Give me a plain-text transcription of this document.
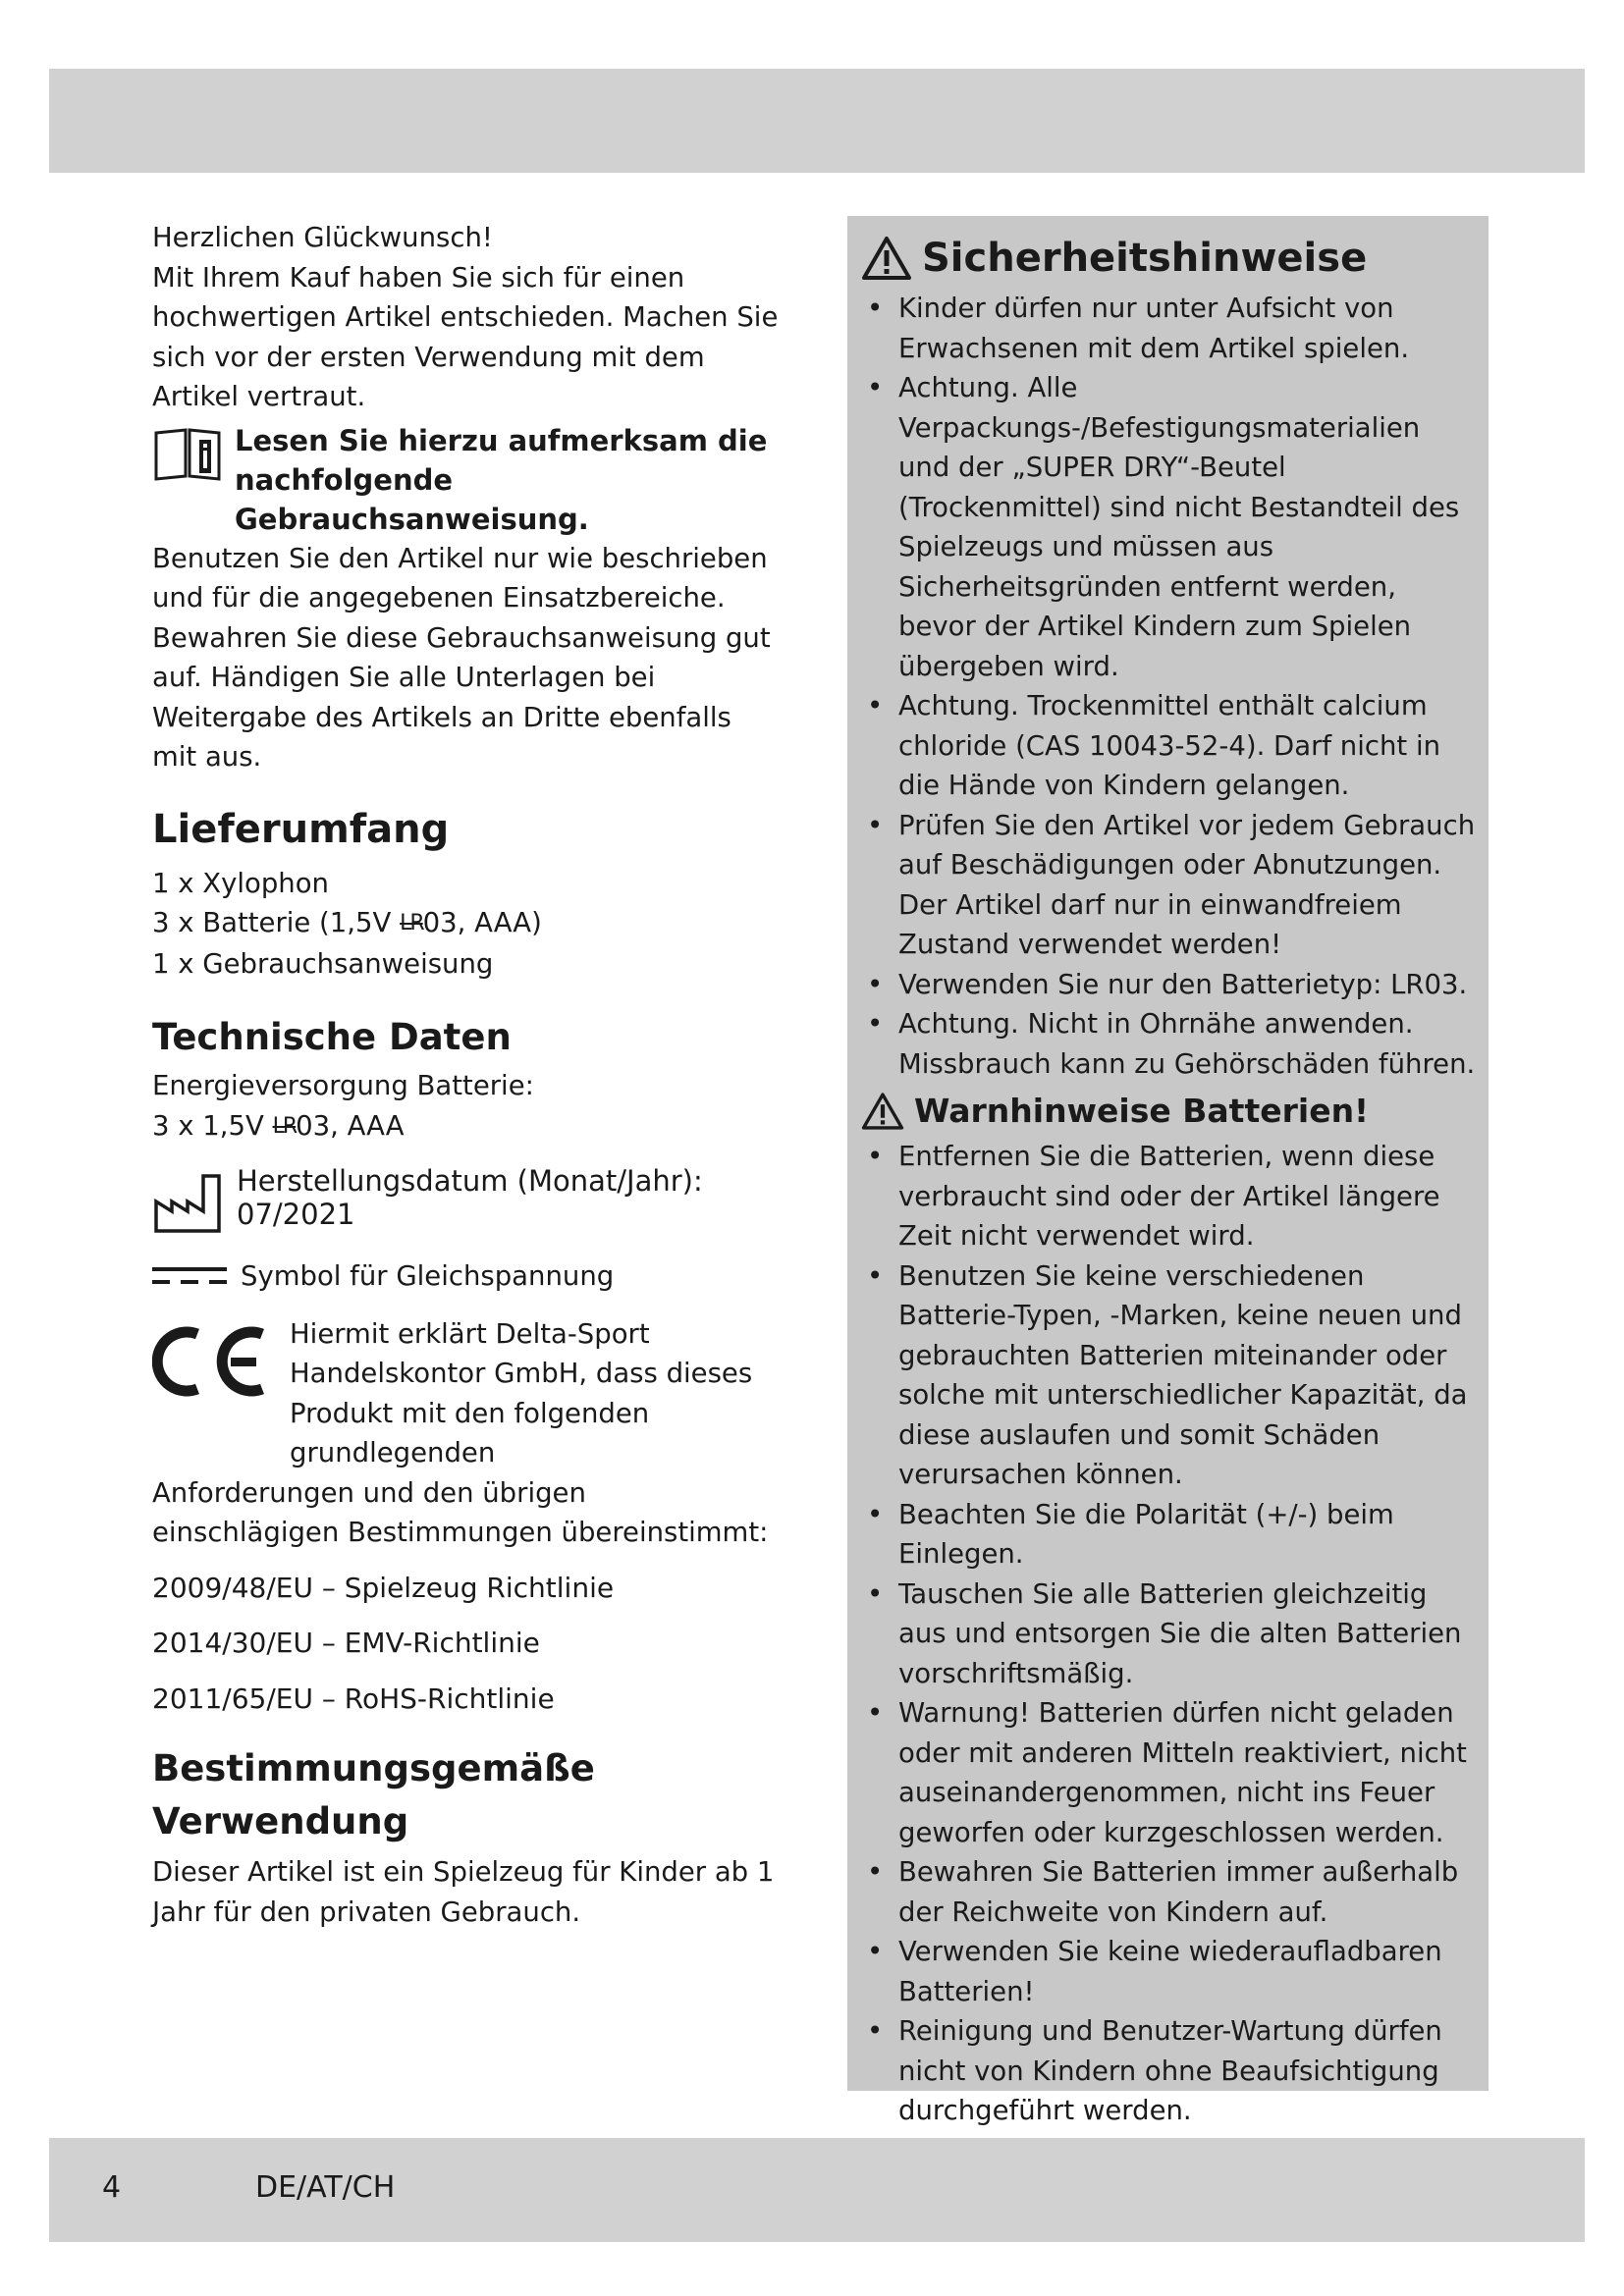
Herzlichen Glückwunsch!

Mit Ihrem Kauf haben Sie sich für einen hochwertigen Artikel entschieden. Machen Sie sich vor der ersten Verwendung mit dem Artikel vertraut.

Lesen Sie hierzu aufmerksam die nachfolgende Gebrauchsanweisung.

Benutzen Sie den Artikel nur wie beschrieben und für die angegebenen Einsatzbereiche. Bewahren Sie diese Gebrauchsanweisung gut auf. Händigen Sie alle Unterlagen bei Weitergabe des Artikels an Dritte ebenfalls mit aus.

Lieferumfang

1 x Xylophon

3 x Batterie (1,5V LR03, AAA)

1 x Gebrauchsanweisung

Technische Daten

Energieversorgung Batterie:

3 x 1,5V LR03, AAA

Herstellungsdatum (Monat/Jahr):
07/2021
Symbol für Gleichspannung
Hiermit erklärt Delta-Sport Handelskontor GmbH, dass dieses Produkt mit den folgenden grundlegenden

Anforderungen und den übrigen einschlägigen Bestimmungen übereinstimmt:

2009/48/EU – Spielzeug Richtlinie

2014/30/EU – EMV-Richtlinie

2011/65/EU – RoHS-Richtlinie

Bestimmungsgemäße
Verwendung

Dieser Artikel ist ein Spielzeug für Kinder ab 1 Jahr für den privaten Gebrauch.

Sicherheitshinweise
• Kinder dürfen nur unter Aufsicht von Erwachsenen mit dem Artikel spielen.
• Achtung. Alle Verpackungs-/Befestigungsmaterialien und der „SUPER DRY“-Beutel (Trockenmittel) sind nicht Bestandteil des Spielzeugs und müssen aus Sicherheitsgründen entfernt werden, bevor der Artikel Kindern zum Spielen übergeben wird.
• Achtung. Trockenmittel enthält calcium chloride (CAS 10043-52-4). Darf nicht in die Hände von Kindern gelangen.
• Prüfen Sie den Artikel vor jedem Gebrauch auf Beschädigungen oder Abnutzungen. Der Artikel darf nur in einwandfreiem Zustand verwendet werden!
• Verwenden Sie nur den Batterietyp: LR03.
• Achtung. Nicht in Ohrnähe anwenden. Missbrauch kann zu Gehörschäden führen.
Warnhinweise Batterien!
• Entfernen Sie die Batterien, wenn diese verbraucht sind oder der Artikel längere Zeit nicht verwendet wird.
• Benutzen Sie keine verschiedenen Batterie-Typen, -Marken, keine neuen und gebrauchten Batterien miteinander oder solche mit unterschiedlicher Kapazität, da diese auslaufen und somit Schäden verursachen können.
• Beachten Sie die Polarität (+/-) beim Einlegen.
• Tauschen Sie alle Batterien gleichzeitig aus und entsorgen Sie die alten Batterien vorschriftsmäßig.
• Warnung! Batterien dürfen nicht geladen oder mit anderen Mitteln reaktiviert, nicht auseinandergenommen, nicht ins Feuer geworfen oder kurzgeschlossen werden.
• Bewahren Sie Batterien immer außerhalb der Reichweite von Kindern auf.
• Verwenden Sie keine wiederaufladbaren Batterien!
• Reinigung und Benutzer-Wartung dürfen nicht von Kindern ohne Beaufsichtigung durchgeführt werden.
•
4	DE/AT/CH
